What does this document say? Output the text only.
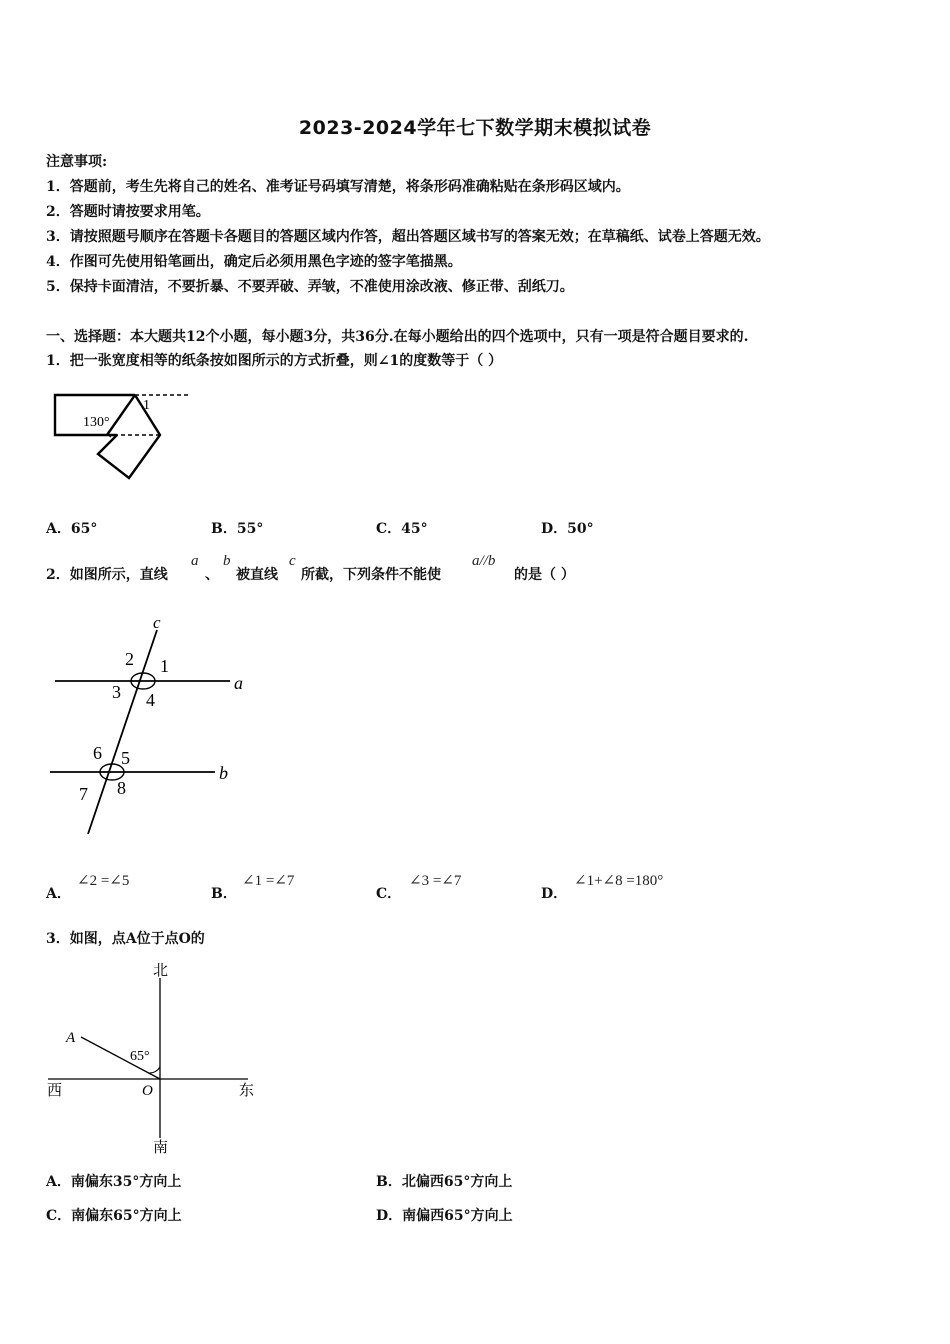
2023-2024学年七下数学期末模拟试卷
注意事项:
1．答题前，考生先将自己的姓名、准考证号码填写清楚，将条形码准确粘贴在条形码区域内。
2．答题时请按要求用笔。
3．请按照题号顺序在答题卡各题目的答题区域内作答，超出答题区域书写的答案无效；在草稿纸、试卷上答题无效。
4．作图可先使用铅笔画出，确定后必须用黑色字迹的签字笔描黑。
5．保持卡面清洁，不要折暴、不要弄破、弄皱，不准使用涂改液、修正带、刮纸刀。
一、选择题：本大题共12个小题，每小题3分，共36分.在每小题给出的四个选项中，只有一项是符合题目要求的.
1．把一张宽度相等的纸条按如图所示的方式折叠，则∠1的度数等于（ ）
130°
1
A．65°	B．55°	C．45°	D．50°
2．如图所示，直线
a
、
b
被直线
c
所截，下列条件不能使
a//b
的是（ ）
c
a
b
1
2
3 4
5
6
7 8
A．
∠2 =∠5
B．
∠1 =∠7
C．
∠3 =∠7
D．
∠1+∠8 =180°
3．如图，点A位于点O的
北
南
西	东
A
O
65°
A．南偏东35°方向上	B．北偏西65°方向上
C．南偏东65°方向上	D．南偏西65°方向上
